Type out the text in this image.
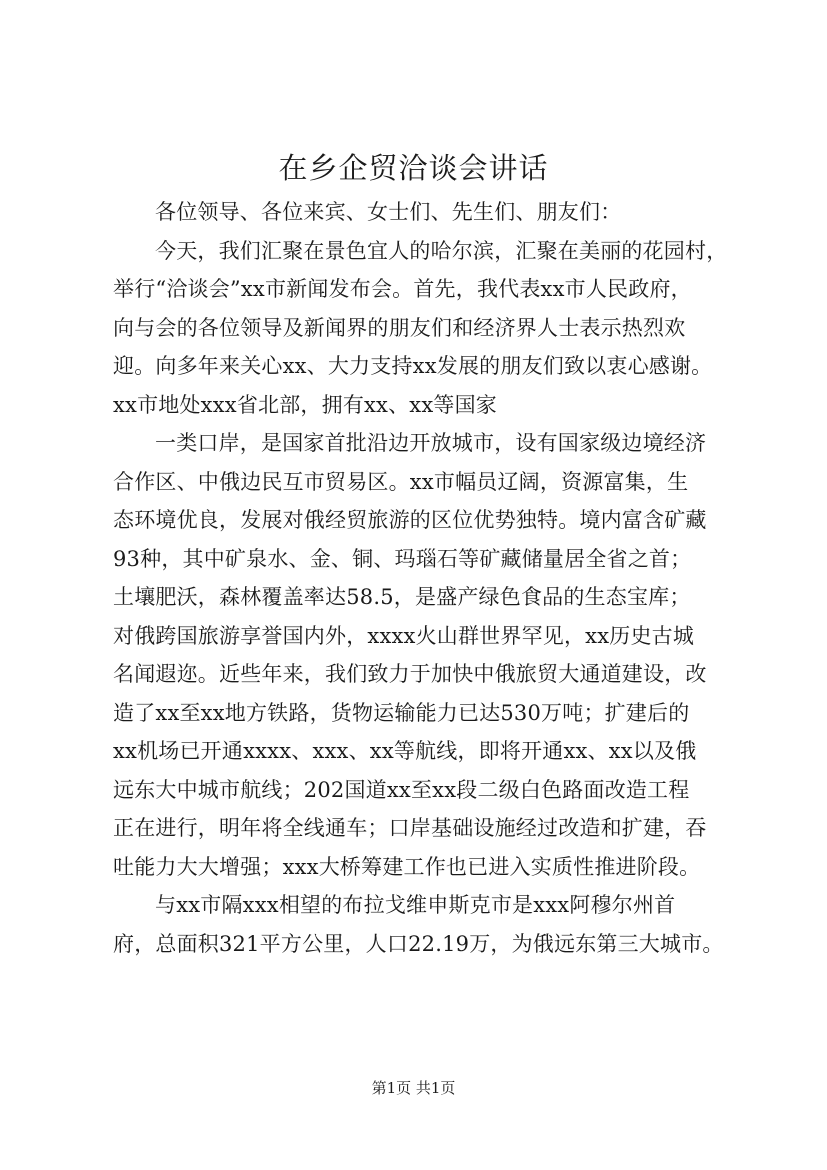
在乡企贸洽谈会讲话
各位领导、各位来宾、女士们、先生们、朋友们：
今天，我们汇聚在景色宜人的哈尔滨，汇聚在美丽的花园村，
举行“洽谈会”xx市新闻发布会。首先，我代表xx市人民政府，
向与会的各位领导及新闻界的朋友们和经济界人士表示热烈欢
迎。向多年来关心xx、大力支持xx发展的朋友们致以衷心感谢。
xx市地处xxx省北部，拥有xx、xx等国家
一类口岸，是国家首批沿边开放城市，设有国家级边境经济
合作区、中俄边民互市贸易区。xx市幅员辽阔，资源富集，生
态环境优良，发展对俄经贸旅游的区位优势独特。境内富含矿藏
93种，其中矿泉水、金、铜、玛瑙石等矿藏储量居全省之首；
土壤肥沃，森林覆盖率达58.5，是盛产绿色食品的生态宝库；
对俄跨国旅游享誉国内外，xxxx火山群世界罕见，xx历史古城
名闻遐迩。近些年来，我们致力于加快中俄旅贸大通道建设，改
造了xx至xx地方铁路，货物运输能力已达530万吨；扩建后的
xx机场已开通xxxx、xxx、xx等航线，即将开通xx、xx以及俄
远东大中城市航线；202国道xx至xx段二级白色路面改造工程
正在进行，明年将全线通车；口岸基础设施经过改造和扩建，吞
吐能力大大增强；xxx大桥筹建工作也已进入实质性推进阶段。
与xx市隔xxx相望的布拉戈维申斯克市是xxx阿穆尔州首
府，总面积321平方公里，人口22.19万，为俄远东第三大城市。
第1页 共1页
